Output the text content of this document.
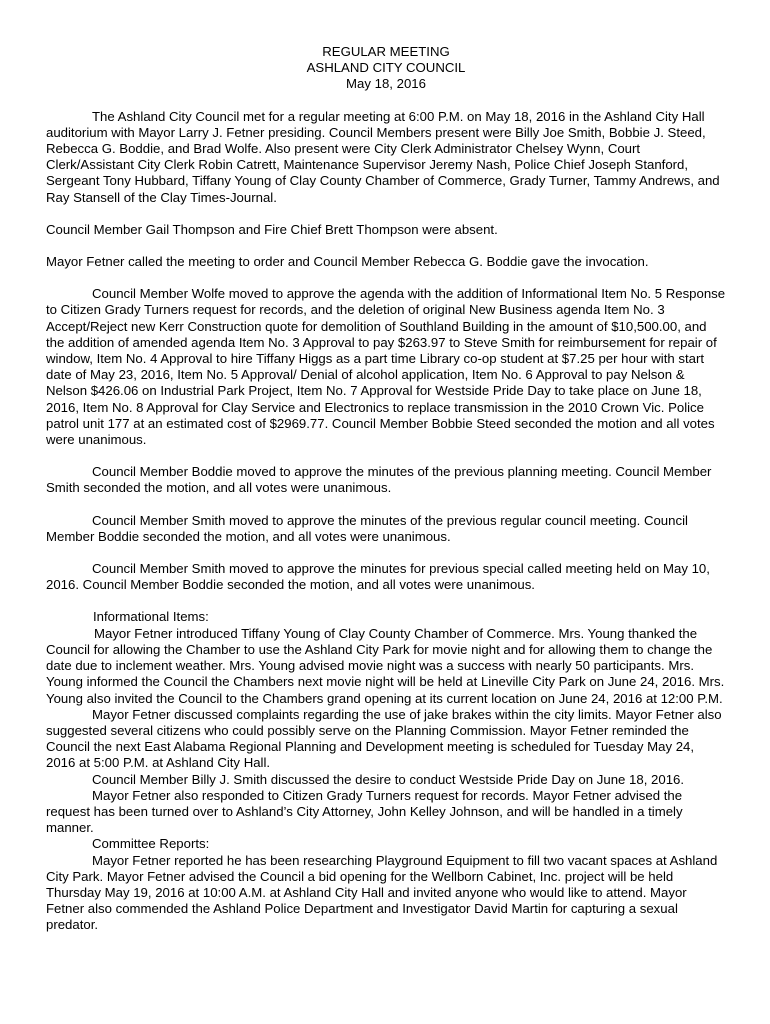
REGULAR MEETING
ASHLAND CITY COUNCIL
May 18, 2016

The Ashland City Council met for a regular meeting at 6:00 P.M. on May 18, 2016 in the Ashland City Hall auditorium with Mayor Larry J. Fetner presiding. Council Members present were Billy Joe Smith, Bobbie J. Steed, Rebecca G. Boddie, and Brad Wolfe. Also present were City Clerk Administrator Chelsey Wynn, Court Clerk/Assistant City Clerk Robin Catrett, Maintenance Supervisor Jeremy Nash, Police Chief Joseph Stanford, Sergeant Tony Hubbard, Tiffany Young of Clay County Chamber of Commerce, Grady Turner, Tammy Andrews, and Ray Stansell of the Clay Times-Journal.

Council Member Gail Thompson and Fire Chief Brett Thompson were absent.

Mayor Fetner called the meeting to order and Council Member Rebecca G. Boddie gave the invocation.

Council Member Wolfe moved to approve the agenda with the addition of Informational Item No. 5 Response to Citizen Grady Turners request for records, and the deletion of original New Business agenda Item No. 3 Accept/Reject new Kerr Construction quote for demolition of Southland Building in the amount of $10,500.00, and the addition of amended agenda Item No. 3 Approval to pay $263.97 to Steve Smith for reimbursement for repair of window, Item No. 4 Approval to hire Tiffany Higgs as a part time Library co-op student at $7.25 per hour with start date of May 23, 2016, Item No. 5 Approval/ Denial of alcohol application, Item No. 6 Approval to pay Nelson & Nelson $426.06 on Industrial Park Project, Item No. 7 Approval for Westside Pride Day to take place on June 18, 2016, Item No. 8 Approval for Clay Service and Electronics to replace transmission in the 2010 Crown Vic. Police patrol unit 177 at an estimated cost of $2969.77. Council Member Bobbie Steed seconded the motion and all votes were unanimous.

Council Member Boddie moved to approve the minutes of the previous planning meeting. Council Member Smith seconded the motion, and all votes were unanimous.

Council Member Smith moved to approve the minutes of the previous regular council meeting. Council Member Boddie seconded the motion, and all votes were unanimous.

Council Member Smith moved to approve the minutes for previous special called meeting held on May 10, 2016. Council Member Boddie seconded the motion, and all votes were unanimous.

Informational Items:

Mayor Fetner introduced Tiffany Young of Clay County Chamber of Commerce. Mrs. Young thanked the Council for allowing the Chamber to use the Ashland City Park for movie night and for allowing them to change the date due to inclement weather. Mrs. Young advised movie night was a success with nearly 50 participants. Mrs. Young informed the Council the Chambers next movie night will be held at Lineville City Park on June 24, 2016. Mrs. Young also invited the Council to the Chambers grand opening at its current location on June 24, 2016 at 12:00 P.M.

Mayor Fetner discussed complaints regarding the use of jake brakes within the city limits. Mayor Fetner also suggested several citizens who could possibly serve on the Planning Commission. Mayor Fetner reminded the Council the next East Alabama Regional Planning and Development meeting is scheduled for Tuesday May 24, 2016 at 5:00 P.M. at Ashland City Hall.

Council Member Billy J. Smith discussed the desire to conduct Westside Pride Day on June 18, 2016.

Mayor Fetner also responded to Citizen Grady Turners request for records. Mayor Fetner advised the request has been turned over to Ashland’s City Attorney, John Kelley Johnson, and will be handled in a timely manner.

Committee Reports:

Mayor Fetner reported he has been researching Playground Equipment to fill two vacant spaces at Ashland City Park. Mayor Fetner advised the Council a bid opening for the Wellborn Cabinet, Inc. project will be held Thursday May 19, 2016 at 10:00 A.M. at Ashland City Hall and invited anyone who would like to attend. Mayor Fetner also commended the Ashland Police Department and Investigator David Martin for capturing a sexual predator.
